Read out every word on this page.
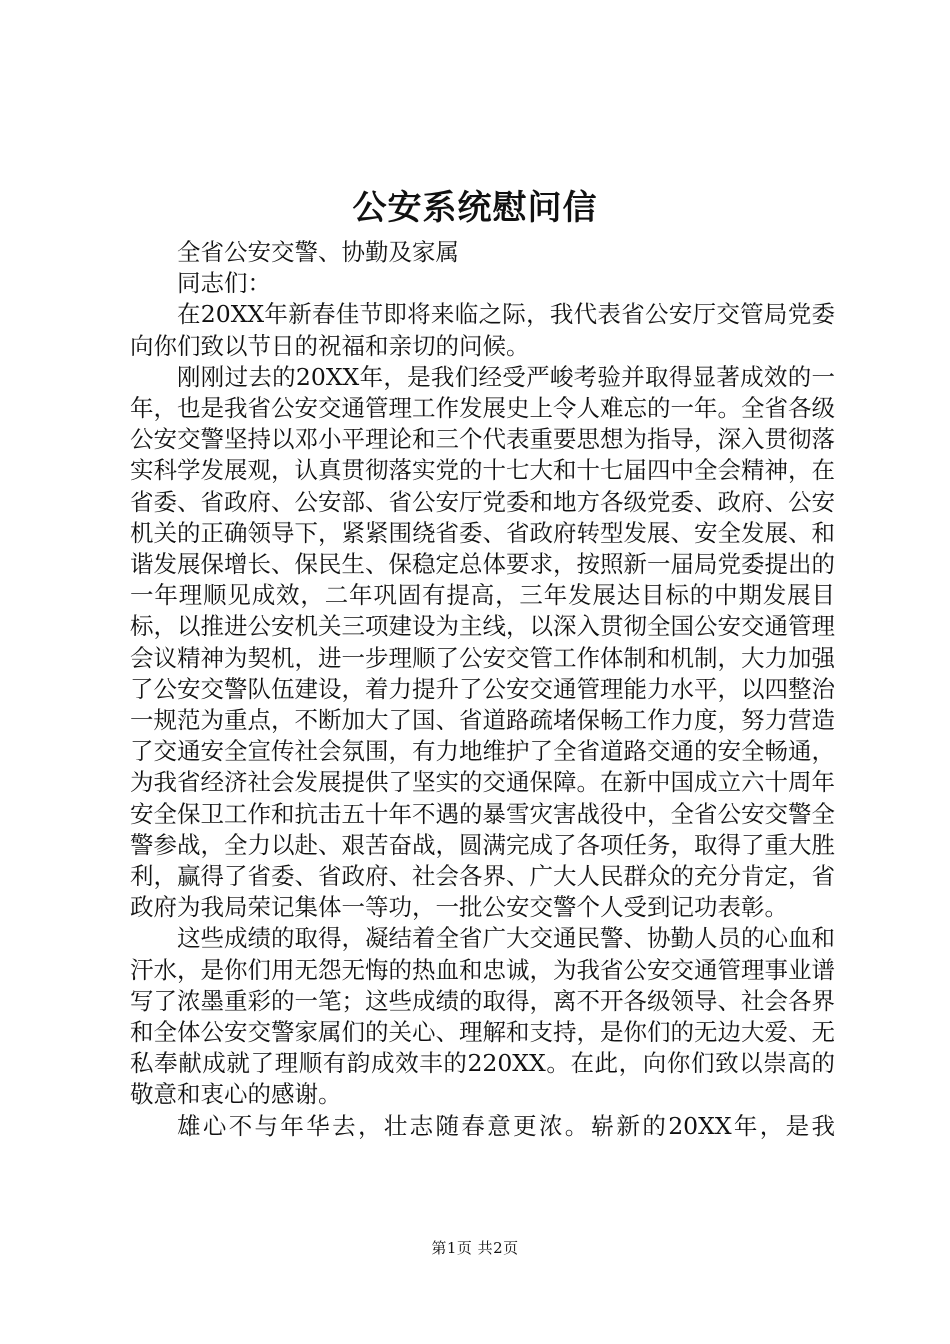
公安系统慰问信

全省公安交警、协勤及家属

同志们：

在20XX年新春佳节即将来临之际，我代表省公安厅交管局党委向你们致以节日的祝福和亲切的问候。

刚刚过去的20XX年，是我们经受严峻考验并取得显著成效的一年，也是我省公安交通管理工作发展史上令人难忘的一年。全省各级公安交警坚持以邓小平理论和三个代表重要思想为指导，深入贯彻落实科学发展观，认真贯彻落实党的十七大和十七届四中全会精神，在省委、省政府、公安部、省公安厅党委和地方各级党委、政府、公安机关的正确领导下，紧紧围绕省委、省政府转型发展、安全发展、和谐发展保增长、保民生、保稳定总体要求，按照新一届局党委提出的一年理顺见成效，二年巩固有提高，三年发展达目标的中期发展目标，以推进公安机关三项建设为主线，以深入贯彻全国公安交通管理会议精神为契机，进一步理顺了公安交管工作体制和机制，大力加强了公安交警队伍建设，着力提升了公安交通管理能力水平，以四整治一规范为重点，不断加大了国、省道路疏堵保畅工作力度，努力营造了交通安全宣传社会氛围，有力地维护了全省道路交通的安全畅通，为我省经济社会发展提供了坚实的交通保障。在新中国成立六十周年安全保卫工作和抗击五十年不遇的暴雪灾害战役中，全省公安交警全警参战，全力以赴、艰苦奋战，圆满完成了各项任务，取得了重大胜利，赢得了省委、省政府、社会各界、广大人民群众的充分肯定，省政府为我局荣记集体一等功，一批公安交警个人受到记功表彰。

这些成绩的取得，凝结着全省广大交通民警、协勤人员的心血和汗水，是你们用无怨无悔的热血和忠诚，为我省公安交通管理事业谱写了浓墨重彩的一笔；这些成绩的取得，离不开各级领导、社会各界和全体公安交警家属们的关心、理解和支持，是你们的无边大爱、无私奉献成就了理顺有韵成效丰的220XX。在此，向你们致以崇高的敬意和衷心的感谢。

雄心不与年华去，壮志随春意更浓。崭新的20XX年，是我

第1页 共2页
